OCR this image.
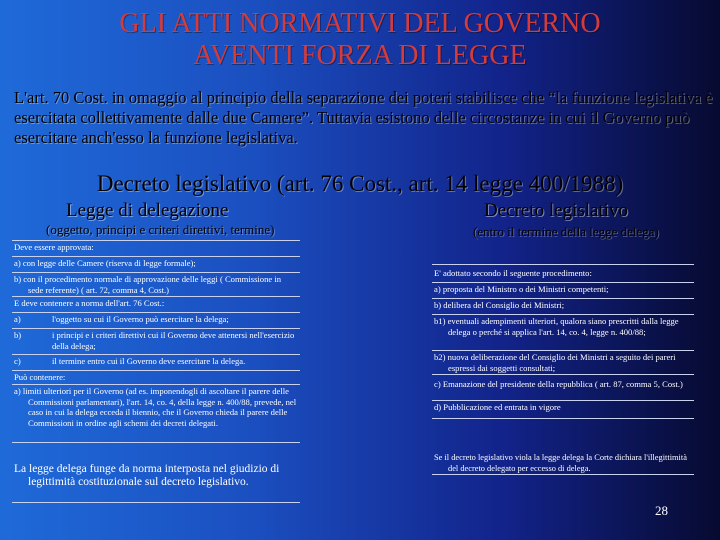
GLI ATTI NORMATIVI DEL GOVERNO
AVENTI FORZA DI LEGGE
L'art. 70 Cost. in omaggio al principio della separazione dei poteri stabilisce che “la funzione legislativa è esercitata collettivamente dalle due Camere”. Tuttavia esistono delle circostanze in cui il Governo può esercitare anch'esso la funzione legislativa.
Decreto legislativo (art. 76 Cost., art. 14 legge 400/1988)
Legge di delegazione
(oggetto, principi e criteri direttivi, termine)
Deve essere approvata:
a) con legge delle Camere (riserva di legge formale);
b) con il procedimento normale di approvazione delle leggi ( Commissione in sede referente) ( art. 72, comma 4, Cost.)
E deve contenere a norma dell'art. 76 Cost.:
a)	l'oggetto su cui il Governo può esercitare la delega;
b)	i principi e i criteri direttivi cui il Governo deve attenersi nell'esercizio della delega;
c)	il termine entro cui il Governo deve esercitare la delega.
Può contenere:
a) limiti ulteriori per il Governo (ad es. imponendogli di ascoltare il parere delle Commissioni parlamentari), l'art. 14, co. 4, della legge n. 400/88, prevede, nel caso in cui la delega ecceda il biennio, che il Governo chieda il parere delle Commissioni in ordine agli schemi dei decreti delegati.
La legge delega funge da norma interposta nel giudizio di legittimità costituzionale sul decreto legislativo.
Decreto legislativo
(entro il termine della legge delega)
E' adottato secondo il seguente procedimento:
a) proposta del Ministro o dei Ministri competenti;
b) delibera del Consiglio dei Ministri;
b1) eventuali adempimenti ulteriori, qualora siano prescritti dalla legge delega o perché si applica l'art. 14, co. 4, legge n. 400/88;
b2) nuova deliberazione del Consiglio dei Ministri a seguito dei pareri espressi dai soggetti consultati;
c) Emanazione del presidente della repubblica ( art. 87, comma 5, Cost.)
d) Pubblicazione ed entrata in vigore
Se il decreto legislativo viola la legge delega la Corte dichiara l'illegittimità del decreto delegato per eccesso di delega.
28
